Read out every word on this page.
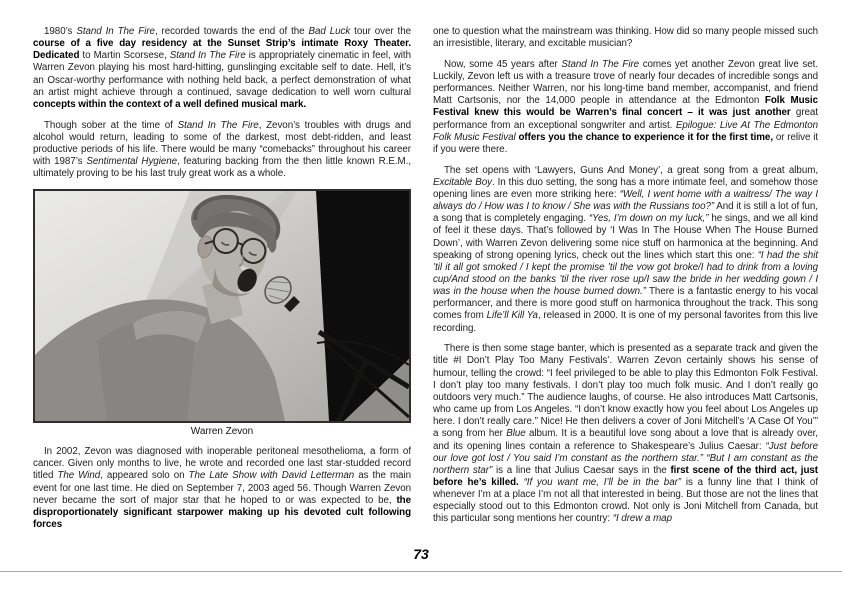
1980’s Stand In The Fire, recorded towards the end of the Bad Luck tour over the course of a five day residency at the Sunset Strip’s intimate Roxy Theater. Dedicated to Martin Scorsese, Stand In The Fire is appropriately cinematic in feel, with Warren Zevon playing his most hard-hitting, gunslinging excitable self to date. Hell, it’s an Oscar-worthy performance with nothing held back, a perfect demonstration of what an artist might achieve through a continued, savage dedication to well worn cultural concepts within the context of a well defined musical mark.

Though sober at the time of Stand In The Fire, Zevon’s troubles with drugs and alcohol would return, leading to some of the darkest, most debt-ridden, and least productive periods of his life. There would be many “comebacks” throughout his career with 1987’s Sentimental Hygiene, featuring backing from the then little known R.E.M., ultimately proving to be his last truly great work as a whole.

Warren Zevon

In 2002, Zevon was diagnosed with inoperable peritoneal mesothelioma, a form of cancer. Given only months to live, he wrote and recorded one last star-studded record titled The Wind, appeared solo on The Late Show with David Letterman as the main event for one last time. He died on September 7, 2003 aged 56. Though Warren Zevon never became the sort of major star that he hoped to or was expected to be, the disproportionately significant starpower making up his devoted cult following forces

one to question what the mainstream was thinking. How did so many people missed such an irresistible, literary, and excitable musician?

Now, some 45 years after Stand In The Fire comes yet another Zevon great live set. Luckily, Zevon left us with a treasure trove of nearly four decades of incredible songs and performances. Neither Warren, nor his long-time band member, accompanist, and friend Matt Cartsonis, nor the 14,000 people in attendance at the Edmonton Folk Music Festival knew this would be Warren’s final concert – it was just another great performance from an exceptional songwriter and artist. Epilogue: Live At The Edmonton Folk Music Festival offers you the chance to experience it for the first time, or relive it if you were there.

The set opens with ‘Lawyers, Guns And Money’, a great song from a great album, Excitable Boy. In this duo setting, the song has a more intimate feel, and somehow those opening lines are even more striking here: “Well, I went home with a waitress/ The way I always do / How was I to know / She was with the Russians too?” And it is still a lot of fun, a song that is completely engaging. “Yes, I’m down on my luck,” he sings, and we all kind of feel it these days. That’s followed by ‘I Was In The House When The House Burned Down’, with Warren Zevon delivering some nice stuff on harmonica at the beginning. And speaking of strong opening lyrics, check out the lines which start this one: “I had the shit ’til it all got smoked / I kept the promise ’til the vow got broke/I had to drink from a loving cup/And stood on the banks ’til the river rose up/I saw the bride in her wedding gown / I was in the house when the house burned down.” There is a fantastic energy to his vocal performancer, and there is more good stuff on harmonica throughout the track. This song comes from Life’ll Kill Ya, released in 2000. It is one of my personal favorites from this live recording.

There is then some stage banter, which is presented as a separate track and given the title #I Don’t Play Too Many Festivals’. Warren Zevon certainly shows his sense of humour, telling the crowd: “I feel privileged to be able to play this Edmonton Folk Festival. I don’t play too many festivals. I don’t play too much folk music. And I don’t really go outdoors very much.” The audience laughs, of course. He also introduces Matt Cartsonis, who came up from Los Angeles. “I don’t know exactly how you feel about Los Angeles up here. I don’t really care.” Nice! He then delivers a cover of Joni Mitchell’s ‘A Case Of You’” a song from her Blue album. It is a beautiful love song about a love that is already over, and its opening lines contain a reference to Shakespeare’s Julius Caesar: “Just before our love got lost / You said I’m constant as the northern star.” “But I am constant as the northern star” is a line that Julius Caesar says in the first scene of the third act, just before he’s killed. “If you want me, I’ll be in the bar” is a funny line that I think of whenever I’m at a place I’m not all that interested in being. But those are not the lines that especially stood out to this Edmonton crowd. Not only is Joni Mitchell from Canada, but this particular song mentions her country: “I drew a map

73
